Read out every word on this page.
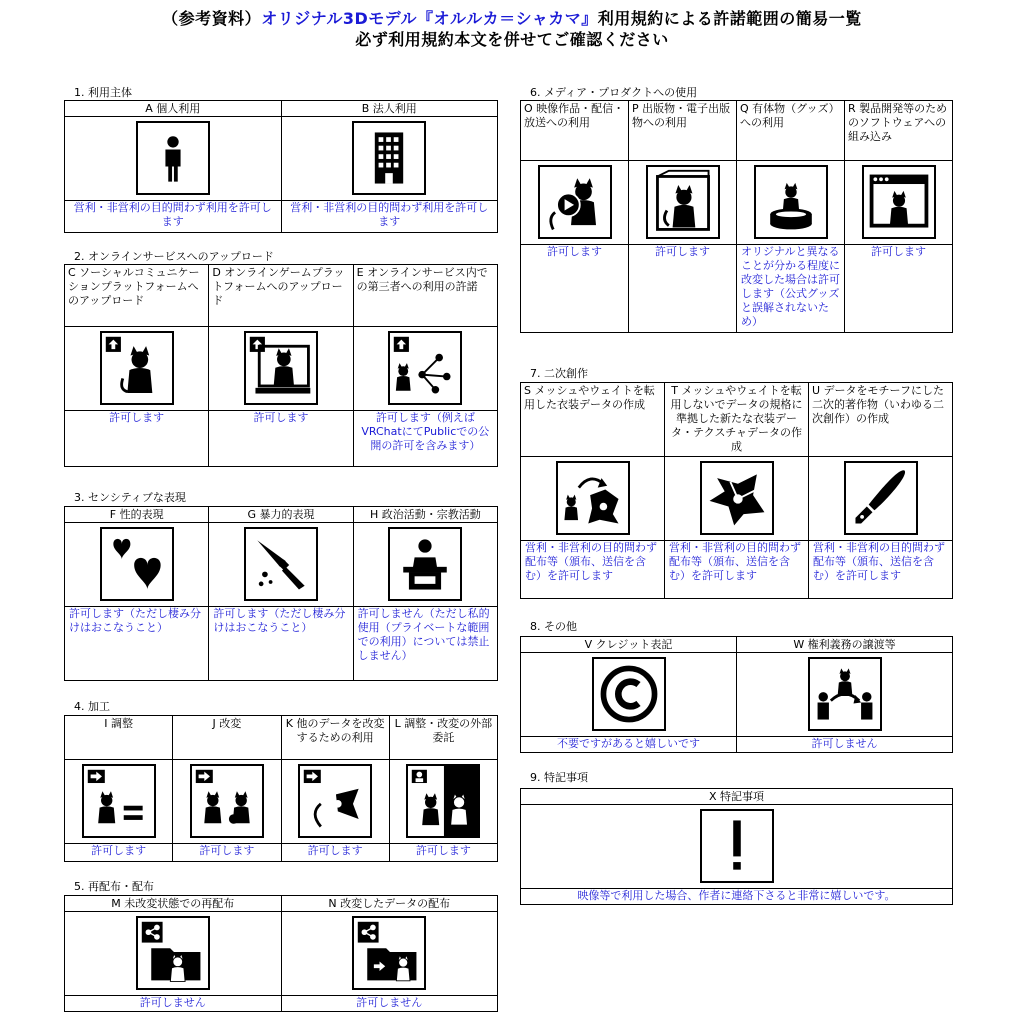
（参考資料）オリジナル3Dモデル『オルルカ＝シャカマ』利用規約による許諾範囲の簡易一覧
必ず利用規約本文を併せてご確認ください
1. 利用主体
A 個人利用	B 法人利用

営利・非営利の目的問わず利用を許可します	営利・非営利の目的問わず利用を許可します
2. オンラインサービスへのアップロード
C ソーシャルコミュニケーションプラットフォームへのアップロード	D オンラインゲームプラットフォームへのアップロード	E オンラインサービス内での第三者への利用の許諾

許可します	許可します	許可します（例えばVRChatにてPublicでの公開の許可を含みます）
3. センシティブな表現
F 性的表現	G 暴力的表現	H 政治活動・宗教活動

許可します（ただし棲み分けはおこなうこと）	許可します（ただし棲み分けはおこなうこと）	許可しません（ただし私的使用（プライベートな範囲での利用）については禁止しません）
4. 加工
I 調整	J 改変	K 他のデータを改変するための利用	L 調整・改変の外部委託

許可します	許可します	許可します	許可します
5. 再配布・配布
M 未改変状態での再配布	N 改変したデータの配布

許可しません	許可しません
6. メディア・プロダクトへの使用
O 映像作品・配信・放送への利用	P 出版物・電子出版物への利用	Q 有体物（グッズ）への利用	R 製品開発等のためのソフトウェアへの組み込み

許可します	許可します	オリジナルと異なることが分かる程度に改変した場合は許可します（公式グッズと誤解されないため）	許可します
7. 二次創作
S メッシュやウェイトを転用した衣装データの作成	T メッシュやウェイトを転用しないでデータの規格に準拠した新たな衣装データ・テクスチャデータの作成	U データをモチーフにした二次的著作物（いわゆる二次創作）の作成

営利・非営利の目的問わず配布等（頒布、送信を含む）を許可します	営利・非営利の目的問わず配布等（頒布、送信を含む）を許可します	営利・非営利の目的問わず配布等（頒布、送信を含む）を許可します
8. その他
V クレジット表記	W 権利義務の譲渡等

不要ですがあると嬉しいです	許可しません
9. 特記事項
X 特記事項

映像等で利用した場合、作者に連絡下さると非常に嬉しいです。
